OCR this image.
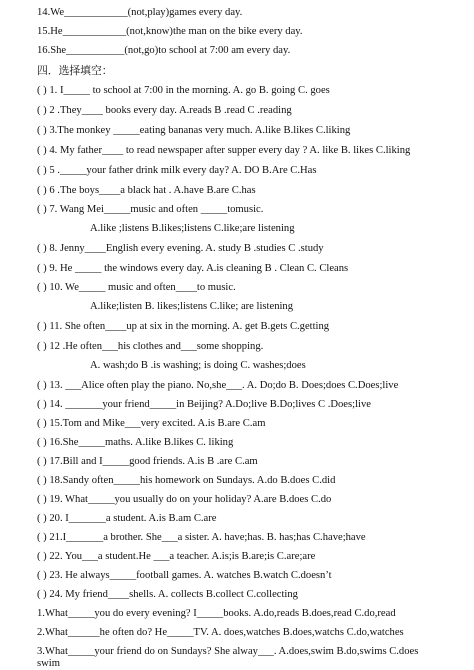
14.We____________(not,play)games every day.
15.He____________(not,know)the man on the bike every day.
16.She___________(not,go)to school at 7:00 am every day.
四．选择填空：
( ) 1. I_____ to school at 7:00 in the morning. A. go B. going C. goes
( ) 2 .They____ books every day. A.reads B .read C .reading
( ) 3.The monkey _____eating bananas very much. A.like B.likes C.liking
( ) 4. My father____ to read newspaper after supper every day ? A. like B. likes C.liking
( ) 5 ._____your father drink milk every day? A. DO B.Are C.Has
( ) 6 .The boys____a black hat . A.have B.are C.has
( ) 7. Wang Mei_____music and often _____tomusic.
A.like ;listens B.likes;listens C.like;are listening
( ) 8. Jenny____English every evening. A. study B .studies C .study
( ) 9. He _____ the windows every day. A.is cleaning B . Clean C. Cleans
( ) 10. We_____ music and often____to music.
A.like;listen B. likes;listens C.like; are listening
( ) 11. She often____up at six in the morning. A. get B.gets C.getting
( ) 12 .He often___his clothes and___some shopping.
A. wash;do B .is washing; is doing C. washes;does
( ) 13. ___Alice often play the piano. No,she___. A. Do;do B. Does;does C.Does;live
( ) 14. _______your friend_____in Beijing? A.Do;live B.Do;lives C .Does;live
( ) 15.Tom and Mike___very excited. A.is B.are C.am
( ) 16.She_____maths. A.like B.likes C. liking
( ) 17.Bill and I_____good friends. A.is B .are C.am
( ) 18.Sandy often_____his homework on Sundays. A.do B.does C.did
( ) 19. What_____you usually do on your holiday? A.are B.does C.do
( ) 20. I_______a student. A.is B.am C.are
( ) 21.I_______a brother. She___a sister. A. have;has. B. has;has C.have;have
( ) 22. You___a student.He ___a teacher. A.is;is B.are;is C.are;are
( ) 23. He always_____football games. A. watches B.watch C.doesn’t
( ) 24. My friend____shells. A. collects B.collect C.collecting
1.What_____you do every evening? I_____books. A.do,reads B.does,read C.do,read
2.What______he often do? He_____TV. A. does,watches B.does,watchs C.do,watches
3.What_____your friend do on Sundays? She alway___. A.does,swim B.do,swims C.does
swim
